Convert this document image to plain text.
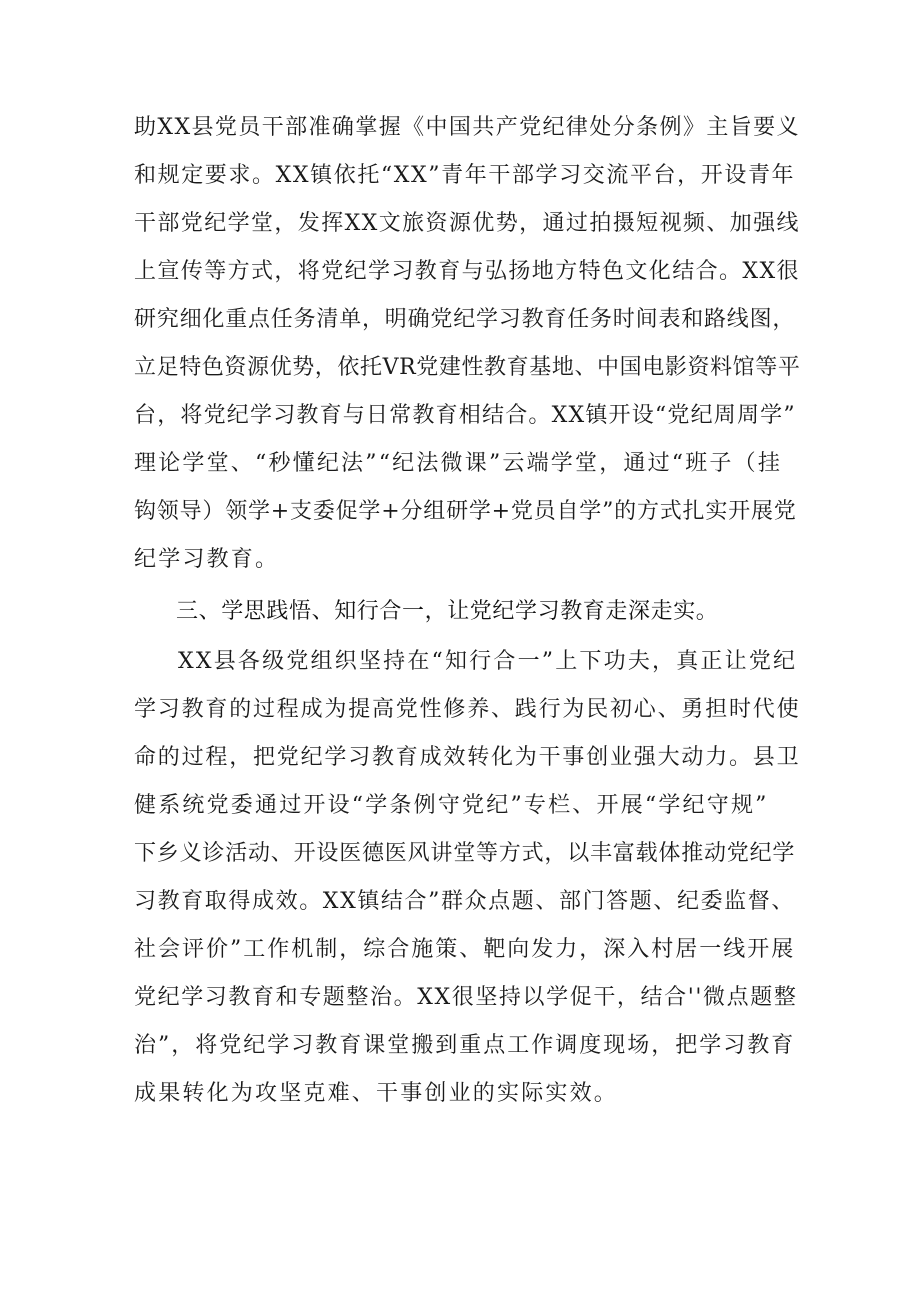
助XX县党员干部准确掌握《中国共产党纪律处分条例》主旨要义
和规定要求。XX镇依托“XX”青年干部学习交流平台，开设青年
干部党纪学堂，发挥XX文旅资源优势，通过拍摄短视频、加强线
上宣传等方式，将党纪学习教育与弘扬地方特色文化结合。XX很
研究细化重点任务清单，明确党纪学习教育任务时间表和路线图，
立足特色资源优势，依托VR党建性教育基地、中国电影资料馆等平
台，将党纪学习教育与日常教育相结合。XX镇开设“党纪周周学”
理论学堂、“秒懂纪法”“纪法微课”云端学堂，通过“班子（挂
钩领导）领学+支委促学+分组研学+党员自学”的方式扎实开展党
纪学习教育。
三、学思践悟、知行合一，让党纪学习教育走深走实。
XX县各级党组织坚持在“知行合一”上下功夫，真正让党纪
学习教育的过程成为提高党性修养、践行为民初心、勇担时代使
命的过程，把党纪学习教育成效转化为干事创业强大动力。县卫
健系统党委通过开设“学条例守党纪”专栏、开展“学纪守规”
下乡义诊活动、开设医德医风讲堂等方式，以丰富载体推动党纪学
习教育取得成效。XX镇结合”群众点题、部门答题、纪委监督、
社会评价”工作机制，综合施策、靶向发力，深入村居一线开展
党纪学习教育和专题整治。XX很坚持以学促干，结合''微点题整
治”，将党纪学习教育课堂搬到重点工作调度现场，把学习教育
成果转化为攻坚克难、干事创业的实际实效。
